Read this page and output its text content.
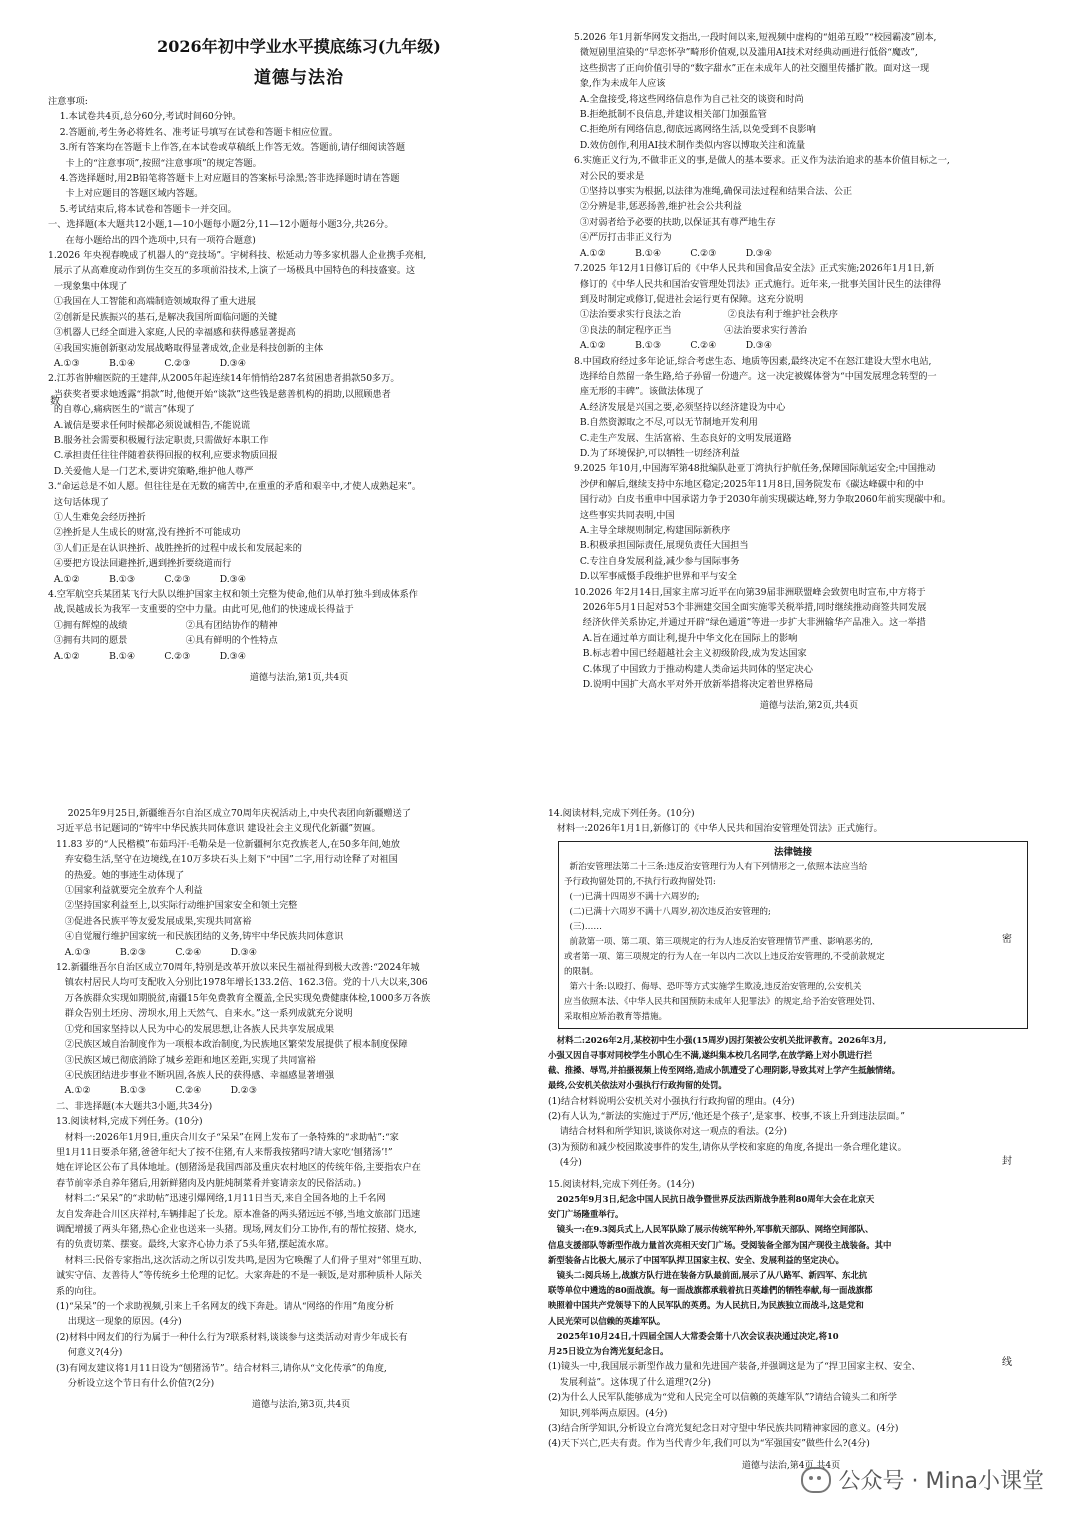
2026年初中学业水平摸底练习(九年级)
道德与法治
注意事项:
1.本试卷共4页,总分60分,考试时间60分钟。
2.答题前,考生务必将姓名、准考证号填写在试卷和答题卡相应位置。
3.所有答案均在答题卡上作答,在本试卷或草稿纸上作答无效。答题前,请仔细阅读答题
卡上的“注意事项”,按照“注意事项”的规定答题。
4.答选择题时,用2B铅笔将答题卡上对应题目的答案标号涂黑;答非选择题时请在答题
卡上对应题目的答题区域内答题。
5.考试结束后,将本试卷和答题卡一并交回。
一、选择题(本大题共12小题,1—10小题每小题2分,11—12小题每小题3分,共26分。
在每小题给出的四个选项中,只有一项符合题意)
1.2026 年央视春晚成了机器人的“竞技场”。宇树科技、松延动力等多家机器人企业携手亮相,
展示了从高难度动作到仿生交互的多项前沿技术,上演了一场极具中国特色的科技盛宴。这
一现象集中体现了
①我国在人工智能和高端制造领域取得了重大进展
②创新是民族振兴的基石,是解决我国所面临问题的关键
③机器人已经全面进入家庭,人民的幸福感和获得感显著提高
④我国实施创新驱动发展战略取得显著成效,企业是科技创新的主体
A.①③          B.①④          C.②③          D.③④
2.江苏省肿瘤医院的王建萍,从2005年起连续14年悄悄给287名贫困患者捐款50多万。
当获奖者要求她透露“捐款”时,他便开始“谈款”这些钱是慈善机构的捐助,以照顾患者
的自尊心,痛病医生的“谎言”体现了
A.诚信是要求任何时候都必须说诚相告,不能说谎
B.服务社会需要积极履行法定职责,只需做好本职工作
C.承担责任往往伴随着获得回报的权利,应要求物质回报
D.关爱他人是一门艺术,要讲究策略,维护他人尊严
3.“命运总是不如人愿。但往往是在无数的痛苦中,在重重的矛盾和艰辛中,才使人成熟起来”。
这句话体现了
①人生难免会经历挫折
②挫折是人生成长的财富,没有挫折不可能成功
③人们正是在认识挫折、战胜挫折的过程中成长和发展起来的
④要把方设法回避挫折,遇到挫折要绕道而行
A.①②          B.①③          C.②③          D.③④
4.空军航空兵某团某飞行大队以维护国家主权和领土完整为使命,他们从单打独斗到成体系作
战,误越成长为我军一支重要的空中力量。由此可见,他们的快速成长得益于
①拥有辉煌的战绩                    ②具有团结协作的精神
③拥有共同的愿景                    ④具有鲜明的个性特点
A.①②          B.①④          C.②③          D.③④
道德与法治,第1页,共4页
数
5.2026 年1月新华网发文指出,一段时间以来,短视频中虚构的“姐弟互殴”“校园霸凌”剧本,
微短剧里渲染的“早恋怀孕”畸形价值观,以及滥用AI技术对经典动画进行低俗“魔改”,
这些损害了正向价值引导的“数字甜水”正在未成年人的社交圈里传播扩散。面对这一现
象,作为未成年人应该
A.全盘接受,将这些网络信息作为自己社交的谈资和时尚
B.拒绝抵制不良信息,并建议相关部门加强监管
C.拒绝所有网络信息,彻底远离网络生活,以免受到不良影响
D.效仿创作,利用AI技术制作类似内容以博取关注和流量
6.实施正义行为,不做非正义的事,是做人的基本要求。正义作为法治追求的基本价值目标之一,
对公民的要求是
①坚持以事实为根据,以法律为准绳,确保司法过程和结果合法、公正
②分辨是非,惩恶扬善,维护社会公共利益
③对弱者给予必要的扶助,以保证其有尊严地生存
④严厉打击非正义行为
A.①②          B.①④          C.②③          D.③④
7.2025 年12月1日修订后的《中华人民共和国食品安全法》正式实施;2026年1月1日,新
修订的《中华人民共和国治安管理处罚法》正式施行。近年来,一批事关国计民生的法律得
到及时制定或修订,促进社会运行更有保障。这充分说明
①法治要求实行良法之治                ②良法有利于维护社会秩序
③良法的制定程序正当                  ④法治要求实行善治
A.①②          B.①③          C.②④          D.③④
8.中国政府经过多年论证,综合考虑生态、地质等因素,最终决定不在怒江建设大型水电站,
选择给自然留一条生路,给子孙留一份遗产。这一决定被媒体誉为“中国发展理念转型的一
座无形的丰碑”。该做法体现了
A.经济发展是兴国之要,必须坚持以经济建设为中心
B.自然资源取之不尽,可以无节制地开发利用
C.走生产发展、生活富裕、生态良好的文明发展道路
D.为了环境保护,可以牺牲一切经济利益
9.2025 年10月,中国海军第48批编队赴亚丁湾执行护航任务,保障国际航运安全;中国推动
沙伊和解后,继续支持中东地区稳定;2025年11月8日,国务院发布《碳达峰碳中和的中
国行动》白皮书重申中国承诺力争于2030年前实现碳达峰,努力争取2060年前实现碳中和。
这些事实共同表明,中国
A.主导全球规则制定,构建国际新秩序
B.积极承担国际责任,展现负责任大国担当
C.专注自身发展利益,减少参与国际事务
D.以军事威慑手段维护世界和平与安全
10.2026 年2月14日,国家主席习近平在向第39届非洲联盟峰会致贺电时宣布,中方将于
2026年5月1日起对53个非洲建交国全面实施零关税举措,同时继续推动商签共同发展
经济伙伴关系协定,并通过开辟“绿色通道”等进一步扩大非洲输华产品准入。这一举措
A.旨在通过单方面让利,提升中华文化在国际上的影响
B.标志着中国已经超越社会主义初级阶段,成为发达国家
C.体现了中国致力于推动构建人类命运共同体的坚定决心
D.说明中国扩大高水平对外开放新举措将决定着世界格局
道德与法治,第2页,共4页
2025年9月25日,新疆维吾尔自治区成立70周年庆祝活动上,中央代表团向新疆赠送了
习近平总书记题词的“铸牢中华民族共同体意识 建设社会主义现代化新疆”贺匾。
11.83 岁的“人民楷模”布茹玛汗·毛勒朵是一位新疆柯尔克孜族老人,在50多年间,她放
弃安稳生活,坚守在边境线,在10万多块石头上刻下“中国”二字,用行动诠释了对祖国
的热爱。她的事迹生动体现了
①国家利益就要完全放弃个人利益
②坚持国家利益至上,以实际行动维护国家安全和领土完整
③促进各民族平等友爱发展成果,实现共同富裕
④自觉履行维护国家统一和民族团结的义务,铸牢中华民族共同体意识
A.①③          B.②③          C.②④          D.③④
12.新疆维吾尔自治区成立70周年,特别是改革开放以来民生福祉得到极大改善:“2024年城
镇农村居民人均可支配收入分别比1978年增长133.2倍、162.3倍。党的十八大以来,306
万各族群众实现如期脱贫,南疆15年免费教育全覆盖,全民实现免费健康体检,1000多万各族
群众告别土坯房、涝坝水,用上天然气、自来水。”这一系列成就充分说明
①党和国家坚持以人民为中心的发展思想,让各族人民共享发展成果
②民族区域自治制度作为一项根本政治制度,为民族地区繁荣发展提供了根本制度保障
③民族区域已彻底消除了城乡差距和地区差距,实现了共同富裕
④民族团结进步事业不断巩固,各族人民的获得感、幸福感显著增强
A.①②          B.①③          C.②④          D.②③
二、非选择题(本大题共3小题,共34分)
13.阅读材料,完成下列任务。(10分)
材料一:2026年1月9日,重庆合川女子“呆呆”在网上发布了一条特殊的“求助帖”:“家
里1月11日要杀年猪,爸爸年纪大了按不住猪,有人来帮我按猪吗?请大家吃‘刨猪汤’!”
她在评论区公布了具体地址。(刨猪汤是我国西部及重庆农村地区的传统年俗,主要指农户在
春节前宰杀自养年猪后,用新鲜猪肉及内脏炖制菜肴并宴请亲友的民俗活动。)
材料二:“呆呆”的“求助帖”迅速引爆网络,1月11日当天,来自全国各地的上千名网
友自发奔赴合川区庆祥村,车辆排起了长龙。原本准备的两头猪远远不够,当地文旅部门迅速
调配增援了两头年猪,热心企业也送来一头猪。现场,网友们分工协作,有的帮忙按猪、烧水,
有的负责切菜、摆宴。最终,大家齐心协力杀了5头年猪,摆起流水席。
材料三:民俗专家指出,这次活动之所以引发共鸣,是因为它唤醒了人们骨子里对“邻里互助、
诚实守信、友善待人”等传统乡土伦理的记忆。大家奔赴的不是一顿饭,是对那种质朴人际关
系的向往。
(1)“呆呆”的一个求助视频,引来上千名网友的线下奔赴。请从“网络的作用”角度分析
出现这一现象的原因。(4分)
(2)材料中网友们的行为属于一种什么行为?联系材料,谈谈参与这类活动对青少年成长有
何意义?(4分)
(3)有网友建议将1月11日设为“刨猪汤节”。结合材料三,请你从“文化传承”的角度,
分析设立这个节日有什么价值?(2分)
道德与法治,第3页,共4页
14.阅读材料,完成下列任务。(10分)
材料一:2026年1月1日,新修订的《中华人民共和国治安管理处罚法》正式施行。
法律链接
新治安管理法第二十三条:违反治安管理行为人有下列情形之一,依照本法应当给
予行政拘留处罚的,不执行行政拘留处罚:
(一)已满十四周岁不满十六周岁的;
(二)已满十六周岁不满十八周岁,初次违反治安管理的;
(三)……
前款第一项、第二项、第三项规定的行为人违反治安管理情节严重、影响恶劣的,
或者第一项、第三项规定的行为人在一年以内二次以上违反治安管理的,不受前款规定
的限制。
第六十条:以殴打、侮辱、恐吓等方式实施学生欺凌,违反治安管理的,公安机关
应当依照本法、《中华人民共和国预防未成年人犯罪法》的规定,给予治安管理处罚、
采取相应矫治教育等措施。
材料二:2026年2月,某校初中生小强(15周岁)因打架被公安机关批评教育。2026年3月,
小强又因自寻事对同校学生小凯心生不满,遂纠集本校几名同学,在放学路上对小凯进行拦
截、推搡、辱骂,并拍摄视频上传至网络,造成小凯遭受了心理阴影,导致其对上学产生抵触情绪。
最终,公安机关依法对小强执行行政拘留的处罚。
(1)结合材料说明公安机关对小强执行行政拘留的理由。(4分)
(2)有人认为,“新法的实施过于严厉,‘他还是个孩子’,是家事、校事,不该上升到违法层面。”
请结合材料和所学知识,谈谈你对这一观点的看法。(2分)
(3)为预防和减少校园欺凌事件的发生,请你从学校和家庭的角度,各提出一条合理化建议。
(4分)
15.阅读材料,完成下列任务。(14分)
2025年9月3日,纪念中国人民抗日战争暨世界反法西斯战争胜利80周年大会在北京天
安门广场隆重举行。
镜头一:在9.3阅兵式上,人民军队除了展示传统军种外,军事航天部队、网络空间部队、
信息支援部队等新型作战力量首次亮相天安门广场。受阅装备全部为国产现役主战装备。其中
新型装备占比极大,展示了中国军队捍卫国家主权、安全、发展利益的坚定决心。
镜头二:阅兵场上,战旗方队行进在装备方队最前面,展示了从八路军、新四军、东北抗
联等单位中遴选的80面战旗。每一面战旗都承载着抗日英雄們的牺牲奉献,每一面战旗都
映照着中国共产党领导下的人民军队的英勇。为人民抗日,为民族独立而战斗,这是党和
人民光荣可以信赖的英雄军队。
2025年10月24日,十四届全国人大常委会第十八次会议表决通过决定,将10
月25日设立为台湾光复纪念日。
(1)镜头一中,我国展示新型作战力量和先进国产装备,并强调这是为了“捍卫国家主权、安全、
发展利益”。这体现了什么道理?(2分)
(2)为什么人民军队能够成为“党和人民完全可以信赖的英雄军队”?请结合镜头二和所学
知识,列举两点原因。(4分)
(3)结合所学知识,分析设立台湾光复纪念日对守望中华民族共同精神家园的意义。(4分)
(4)天下兴亡,匹夫有责。作为当代青少年,我们可以为“军强国安”做些什么?(4分)
道德与法治,第4页,共4页
密
封
线
公众号 · Mina小课堂
